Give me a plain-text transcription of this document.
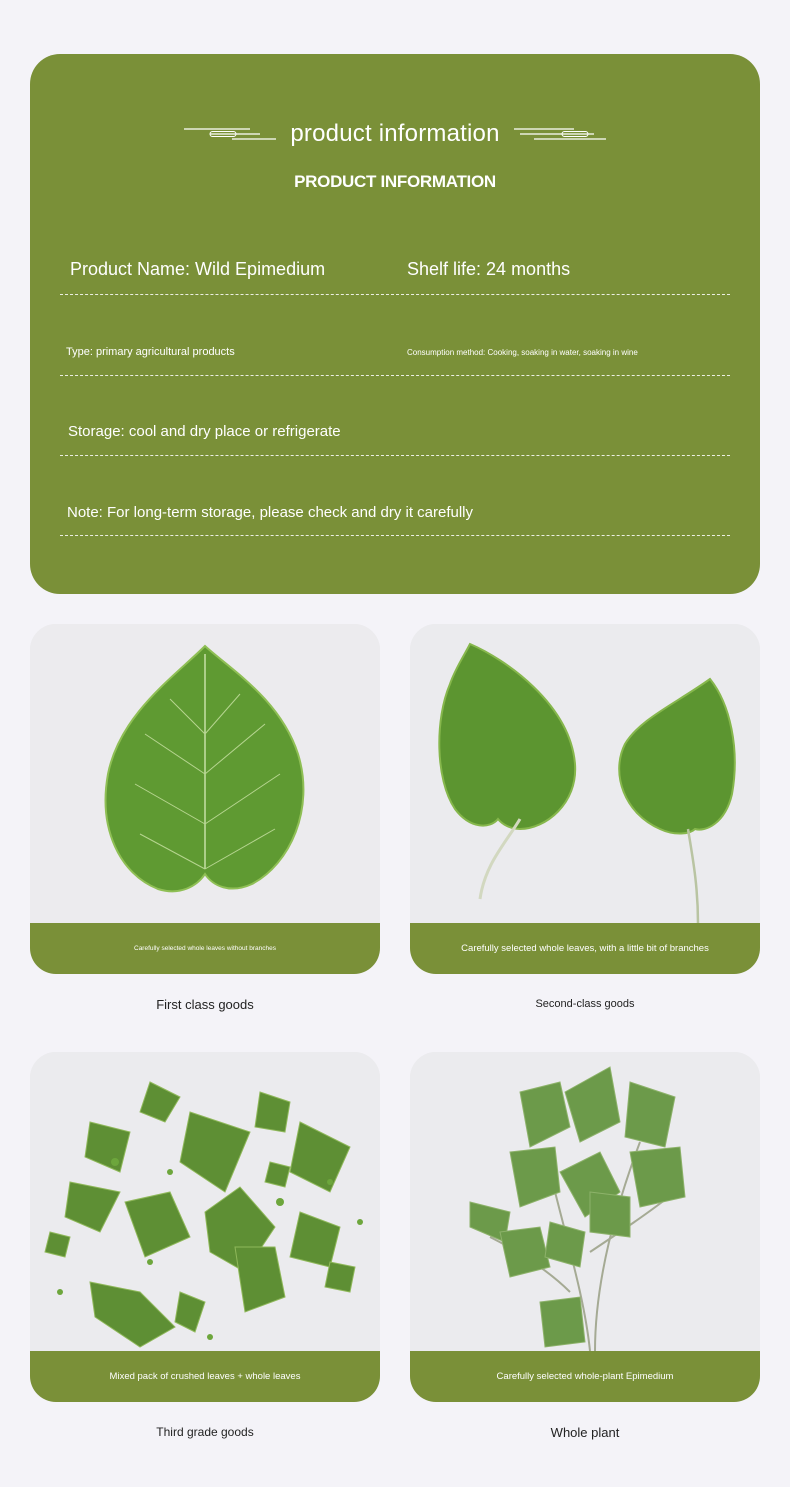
product information
PRODUCT INFORMATION
Product Name: Wild Epimedium	Shelf life: 24 months
Type: primary agricultural products	Consumption method: Cooking, soaking in water, soaking in wine
Storage: cool and dry place or refrigerate
Note: For long-term storage, please check and dry it carefully
Carefully selected whole leaves without branches
First class goods
Carefully selected whole leaves, with a little bit of branches
Second-class goods
Mixed pack of crushed leaves + whole leaves
Third grade goods
Carefully selected whole-plant Epimedium
Whole plant
